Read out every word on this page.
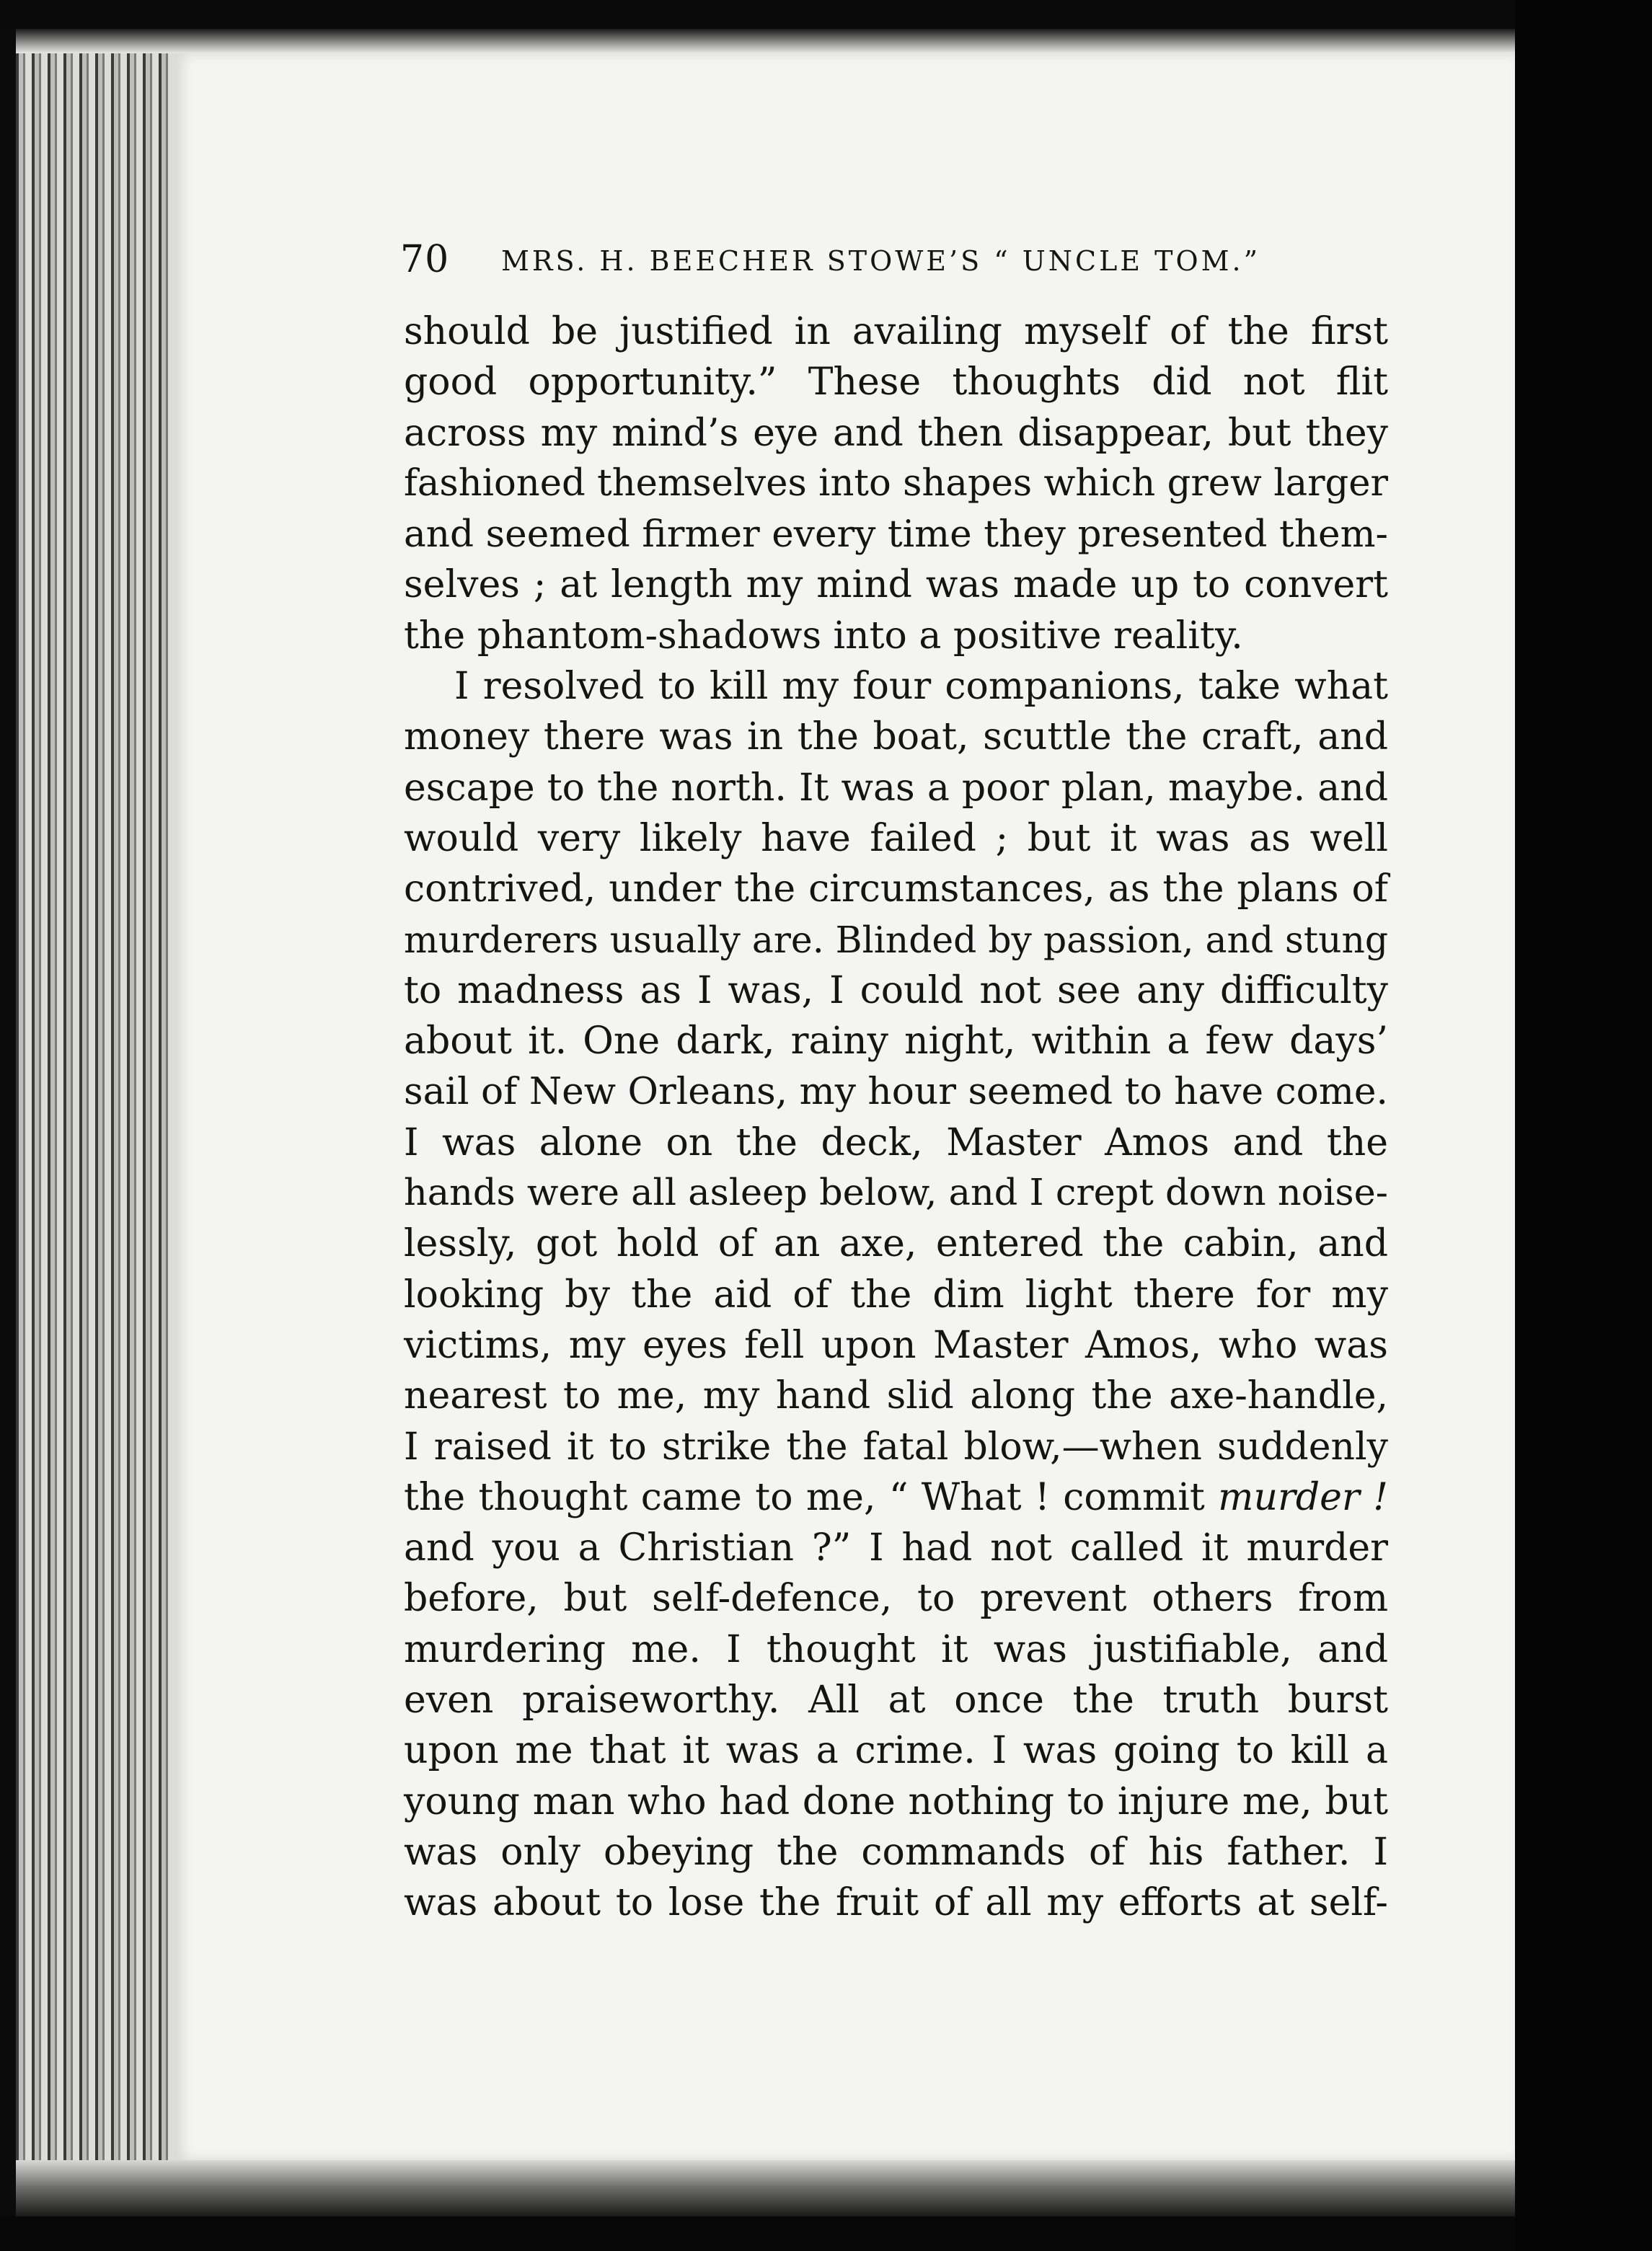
70 MRS. H. BEECHER STOWE’S “ UNCLE TOM.”
should be justified in availing myself of the first
good opportunity.” These thoughts did not flit
across my mind’s eye and then disappear, but they
fashioned themselves into shapes which grew larger
and seemed firmer every time they presented them-
selves ; at length my mind was made up to convert
the phantom-shadows into a positive reality.
I resolved to kill my four companions, take what
money there was in the boat, scuttle the craft, and
escape to the north. It was a poor plan, maybe. and
would very likely have failed ; but it was as well
contrived, under the circumstances, as the plans of
murderers usually are. Blinded by passion, and stung
to madness as I was, I could not see any difficulty
about it. One dark, rainy night, within a few days’
sail of New Orleans, my hour seemed to have come.
I was alone on the deck, Master Amos and the
hands were all asleep below, and I crept down noise-
lessly, got hold of an axe, entered the cabin, and
looking by the aid of the dim light there for my
victims, my eyes fell upon Master Amos, who was
nearest to me, my hand slid along the axe-handle,
I raised it to strike the fatal blow,—when suddenly
the thought came to me, “ What ! commit murder !
and you a Christian ?” I had not called it murder
before, but self-defence, to prevent others from
murdering me. I thought it was justifiable, and
even praiseworthy. All at once the truth burst
upon me that it was a crime. I was going to kill a
young man who had done nothing to injure me, but
was only obeying the commands of his father. I
was about to lose the fruit of all my efforts at self-
